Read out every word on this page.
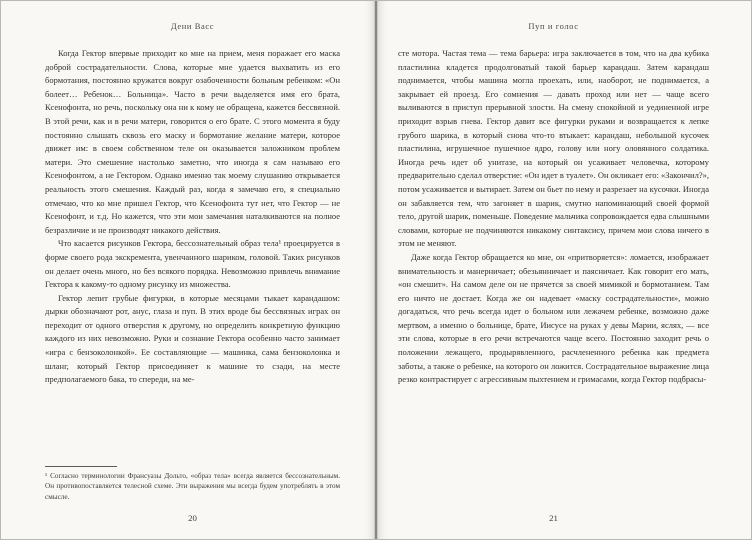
Дени Васс

Когда Гектор впервые приходит ко мне на прием, меня поражает его маска доброй сострадательности. Слова, которые мне удается выхватить из его бормотания, постоянно кружатся вокруг озабоченности больным ребенком: «Он болеет… Ребенок… Больница». Часто в речи выделяется имя его брата, Ксенофонта, но речь, поскольку она ни к кому не обращена, кажется бессвязной. В этой речи, как и в речи матери, говорится о его брате. С этого момента я буду постоянно слышать сквозь его маску и бормотание желание матери, которое движет им: в своем собственном теле он оказывается заложником проблем матери. Это смешение настолько заметно, что иногда я сам называю его Ксенофонтом, а не Гектором. Однако именно так моему слушанию открывается реальность этого смешения. Каждый раз, когда я замечаю его, я специально отмечаю, что ко мне пришел Гектор, что Ксенофонта тут нет, что Гектор — не Ксенофонт, и т.д. Но кажется, что эти мои замечания наталкиваются на полное безразличие и не производят никакого действия.

Что касается рисунков Гектора, бессознательный образ тела¹ проецируется в форме своего рода экскремента, увенчанного шариком, головой. Таких рисунков он делает очень много, но без всякого порядка. Невозможно привлечь внимание Гектора к какому-то одному рисунку из множества.

Гектор лепит грубые фигурки, в которые месяцами тыкает карандашом: дырки обозначают рот, анус, глаза и пуп. В этих вроде бы бессвязных играх он переходит от одного отверстия к другому, но определить конкретную функцию каждого из них невозможно. Руки и сознание Гектора особенно часто занимает «игра с бензоколонкой». Ее составляющие — машинка, сама бензоколонка и шланг, который Гектор присоединяет к машине то сзади, на месте предполагаемого бака, то спереди, на ме-

¹ Согласно терминологии Франсуазы Дольто, «образ тела» всегда является бессознательным. Он противопоставляется телесной схеме. Эти выражения мы всегда будем употреблять в этом смысле.
20
Пуп и голос

сте мотора. Частая тема — тема барьера: игра заключается в том, что на два кубика пластилина кладется продолговатый такой барьер карандаш. Затем карандаш поднимается, чтобы машина могла проехать, или, наоборот, не поднимается, а закрывает ей проезд. Его сомнения — давать проход или нет — чаще всего выливаются в приступ прерывной злости. На смену спокойной и уединенной игре приходит взрыв гнева. Гектор давит все фигурки руками и возвращается к лепке грубого шарика, в который снова что-то втыкает: карандаш, небольшой кусочек пластилина, игрушечное пушечное ядро, голову или ногу оловянного солдатика. Иногда речь идет об унитазе, на который он усаживает человечка, которому предварительно сделал отверстие: «Он идет в туалет». Он окликает его: «Закончил?», потом усаживается и вытирает. Затем он бьет по нему и разрезает на кусочки. Иногда он забавляется тем, что загоняет в шарик, смутно напоминающий своей формой тело, другой шарик, поменьше. Поведение мальчика сопровождается едва слышными словами, которые не подчиняются никакому синтаксису, причем мои слова ничего в этом не меняют.

Даже когда Гектор обращается ко мне, он «притворяется»: ломается, изображает внимательность и манерничает; обезьянничает и паясничает. Как говорит его мать, «он смешит». На самом деле он не прячется за своей мимикой и бормотанием. Там его ничто не достает. Когда же он надевает «маску сострадательности», можно догадаться, что речь всегда идет о больном или лежачем ребенке, возможно даже мертвом, а именно о больнице, брате, Иисусе на руках у девы Марии, яслях, — все эти слова, которые в его речи встречаются чаще всего. Постоянно заходит речь о положении лежащего, продырявленного, расчлененного ребенка как предмета заботы, а также о ребенке, на которого он ложится. Сострадательное выражение лица резко контрастирует с агрессивным пыхтением и гримасами, когда Гектор подбрасы-

21
